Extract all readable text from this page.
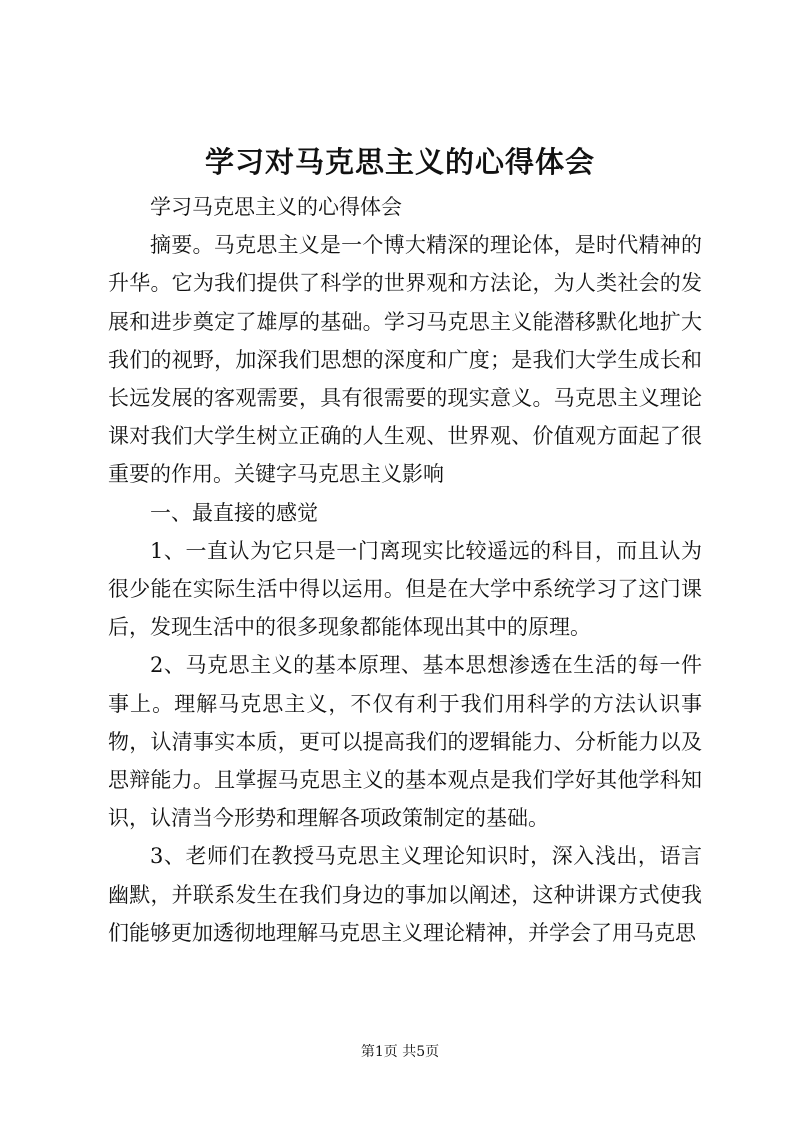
学习对马克思主义的心得体会

学习马克思主义的心得体会

摘要。马克思主义是一个博大精深的理论体，是时代精神的升华。它为我们提供了科学的世界观和方法论，为人类社会的发展和进步奠定了雄厚的基础。学习马克思主义能潜移默化地扩大我们的视野，加深我们思想的深度和广度；是我们大学生成长和长远发展的客观需要，具有很需要的现实意义。马克思主义理论课对我们大学生树立正确的人生观、世界观、价值观方面起了很重要的作用。关键字马克思主义影响

一、最直接的感觉

1、一直认为它只是一门离现实比较遥远的科目，而且认为很少能在实际生活中得以运用。但是在大学中系统学习了这门课后，发现生活中的很多现象都能体现出其中的原理。

2、马克思主义的基本原理、基本思想渗透在生活的每一件事上。理解马克思主义，不仅有利于我们用科学的方法认识事物，认清事实本质，更可以提高我们的逻辑能力、分析能力以及思辩能力。且掌握马克思主义的基本观点是我们学好其他学科知识，认清当今形势和理解各项政策制定的基础。

3、老师们在教授马克思主义理论知识时，深入浅出，语言幽默，并联系发生在我们身边的事加以阐述，这种讲课方式使我们能够更加透彻地理解马克思主义理论精神，并学会了用马克思

第1页 共5页
